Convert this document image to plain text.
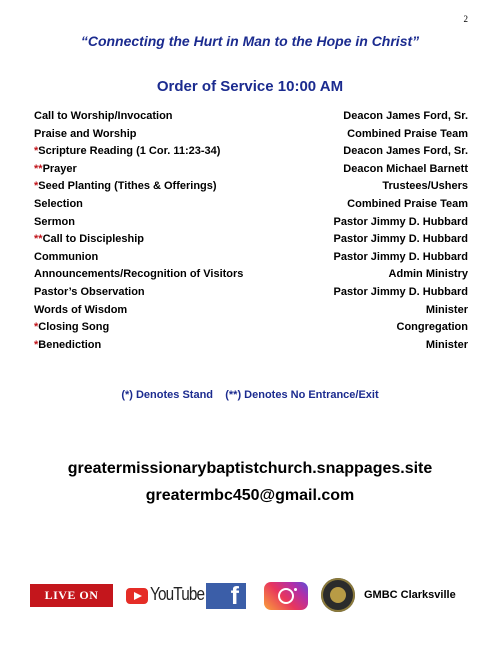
2
“Connecting the Hurt in Man to the Hope in Christ”
Order of Service 10:00 AM
Call to Worship/Invocation	Deacon James Ford, Sr.
Praise and Worship	Combined Praise Team
*Scripture Reading (1 Cor. 11:23-34)	Deacon James Ford, Sr.
**Prayer	Deacon Michael Barnett
*Seed Planting (Tithes & Offerings)	Trustees/Ushers
Selection	Combined Praise Team
Sermon	Pastor Jimmy D. Hubbard
**Call to Discipleship	Pastor Jimmy D. Hubbard
Communion	Pastor Jimmy D. Hubbard
Announcements/Recognition of Visitors	Admin Ministry
Pastor’s Observation	Pastor Jimmy D. Hubbard
Words of Wisdom	Minister
*Closing Song	Congregation
*Benediction	Minister
(*) Denotes Stand    (**) Denotes No Entrance/Exit
greatermissionarybaptistchurch.snappages.site
greatermbc450@gmail.com
LIVE ON	YouTube f	GMBC Clarksville
